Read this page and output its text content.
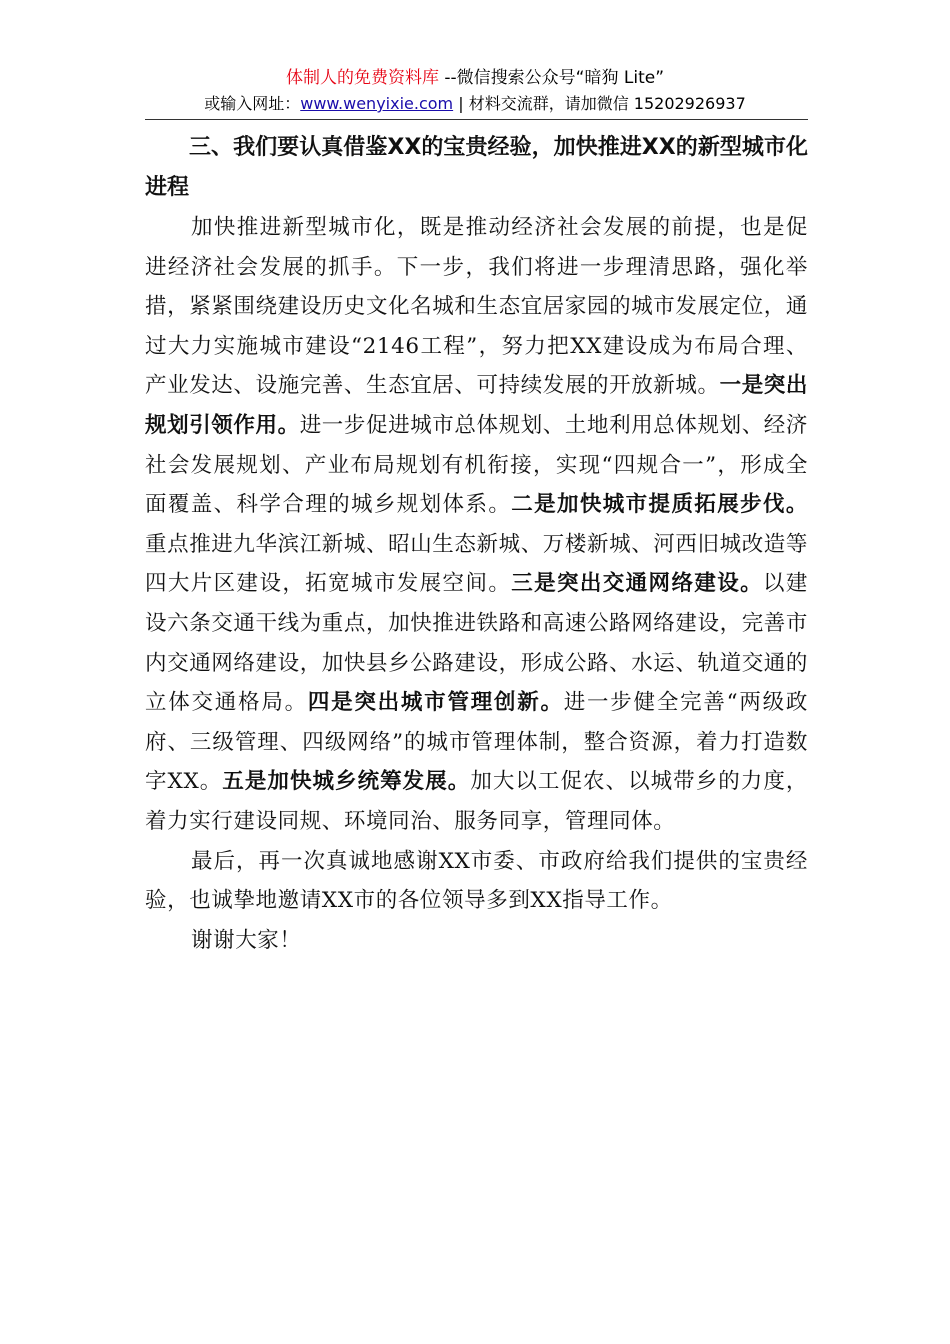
体制人的免费资料库 --微信搜索公众号“暗狗 Lite”
或输入网址：www.wenyixie.com | 材料交流群，请加微信 15202926937

三、我们要认真借鉴XX的宝贵经验，加快推进XX的新型城市化进程

加快推进新型城市化，既是推动经济社会发展的前提，也是促进经济社会发展的抓手。下一步，我们将进一步理清思路，强化举措，紧紧围绕建设历史文化名城和生态宜居家园的城市发展定位，通过大力实施城市建设“2146工程”，努力把XX建设成为布局合理、产业发达、设施完善、生态宜居、可持续发展的开放新城。一是突出规划引领作用。进一步促进城市总体规划、土地利用总体规划、经济社会发展规划、产业布局规划有机衔接，实现“四规合一”，形成全面覆盖、科学合理的城乡规划体系。二是加快城市提质拓展步伐。重点推进九华滨江新城、昭山生态新城、万楼新城、河西旧城改造等四大片区建设，拓宽城市发展空间。三是突出交通网络建设。以建设六条交通干线为重点，加快推进铁路和高速公路网络建设，完善市内交通网络建设，加快县乡公路建设，形成公路、水运、轨道交通的立体交通格局。四是突出城市管理创新。进一步健全完善“两级政府、三级管理、四级网络”的城市管理体制，整合资源，着力打造数字XX。五是加快城乡统筹发展。加大以工促农、以城带乡的力度，着力实行建设同规、环境同治、服务同享，管理同体。

最后，再一次真诚地感谢XX市委、市政府给我们提供的宝贵经验，也诚挚地邀请XX市的各位领导多到XX指导工作。

谢谢大家！
